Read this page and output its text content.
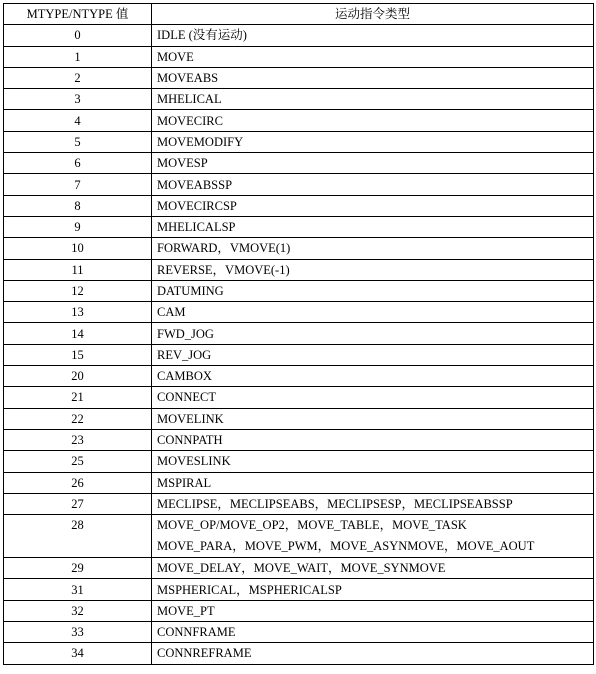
MTYPE/NTYPE 值	运动指令类型
0	IDLE (没有运动)
1	MOVE
2	MOVEABS
3	MHELICAL
4	MOVECIRC
5	MOVEMODIFY
6	MOVESP
7	MOVEABSSP
8	MOVECIRCSP
9	MHELICALSP
10	FORWARD，VMOVE(1)
11	REVERSE，VMOVE(-1)
12	DATUMING
13	CAM
14	FWD_JOG
15	REV_JOG
20	CAMBOX
21	CONNECT
22	MOVELINK
23	CONNPATH
25	MOVESLINK
26	MSPIRAL
27	MECLIPSE，MECLIPSEABS，MECLIPSESP，MECLIPSEABSSP
28	MOVE_OP/MOVE_OP2，MOVE_TABLE，MOVE_TASK
MOVE_PARA，MOVE_PWM，MOVE_ASYNMOVE，MOVE_AOUT

29	MOVE_DELAY，MOVE_WAIT，MOVE_SYNMOVE
31	MSPHERICAL，MSPHERICALSP
32	MOVE_PT
33	CONNFRAME
34	CONNREFRAME
